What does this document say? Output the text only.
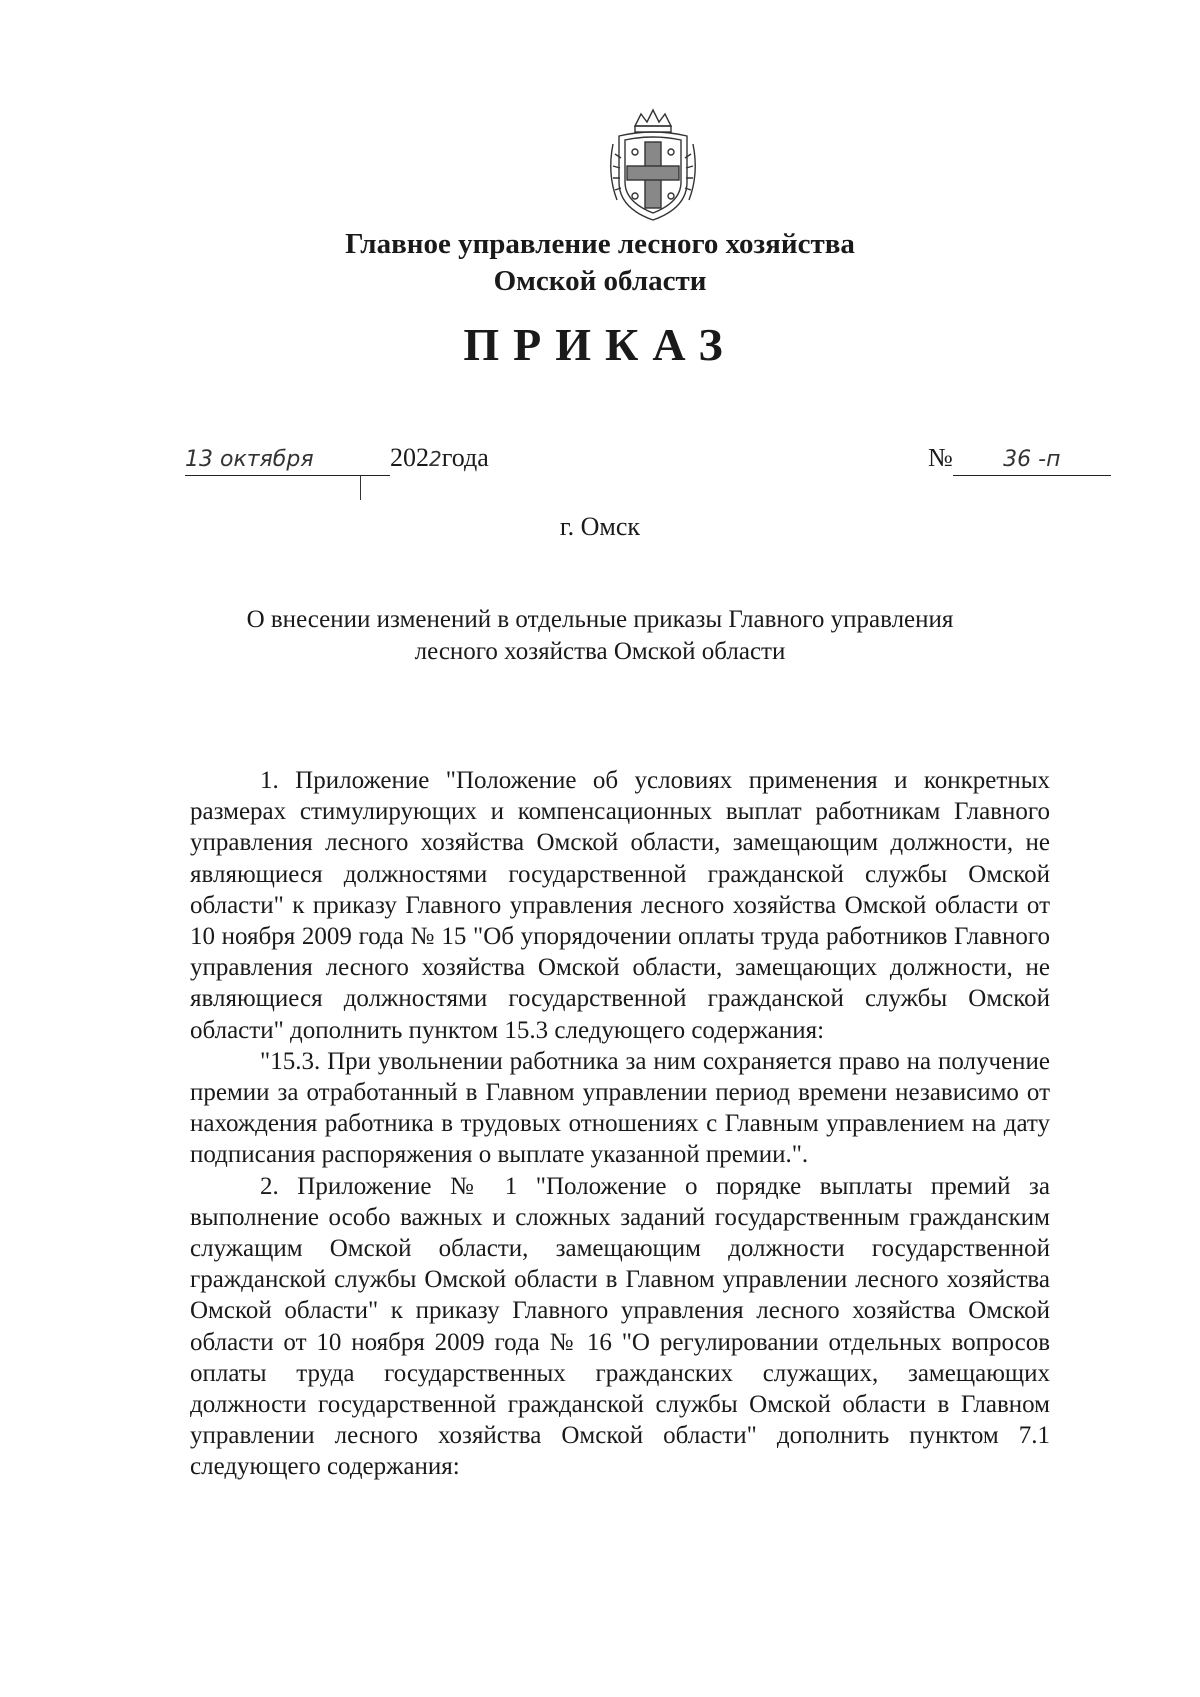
Главное управление лесного хозяйства
Омской области
ПРИКАЗ
13 октября	2022года	№ 36 -п
г. Омск
О внесении изменений в отдельные приказы Главного управления
лесного хозяйства Омской области

1. Приложение "Положение об условиях применения и конкретных размерах стимулирующих и компенсационных выплат работникам Главного управления лесного хозяйства Омской области, замещающим должности, не являющиеся должностями государственной гражданской службы Омской области" к приказу Главного управления лесного хозяйства Омской области от 10 ноября 2009 года № 15 "Об упорядочении оплаты труда работников Главного управления лесного хозяйства Омской области, замещающих должности, не являющиеся должностями государственной гражданской службы Омской области" дополнить пунктом 15.3 следующего содержания:

"15.3. При увольнении работника за ним сохраняется право на получение премии за отработанный в Главном управлении период времени независимо от нахождения работника в трудовых отношениях с Главным управлением на дату подписания распоряжения о выплате указанной премии.".

2. Приложение № 1 "Положение о порядке выплаты премий за выполнение особо важных и сложных заданий государственным гражданским служащим Омской области, замещающим должности государственной гражданской службы Омской области в Главном управлении лесного хозяйства Омской области" к приказу Главного управления лесного хозяйства Омской области от 10 ноября 2009 года № 16 "О регулировании отдельных вопросов оплаты труда государственных гражданских служащих, замещающих должности государственной гражданской службы Омской области в Главном управлении лесного хозяйства Омской области" дополнить пунктом 7.1 следующего содержания:
